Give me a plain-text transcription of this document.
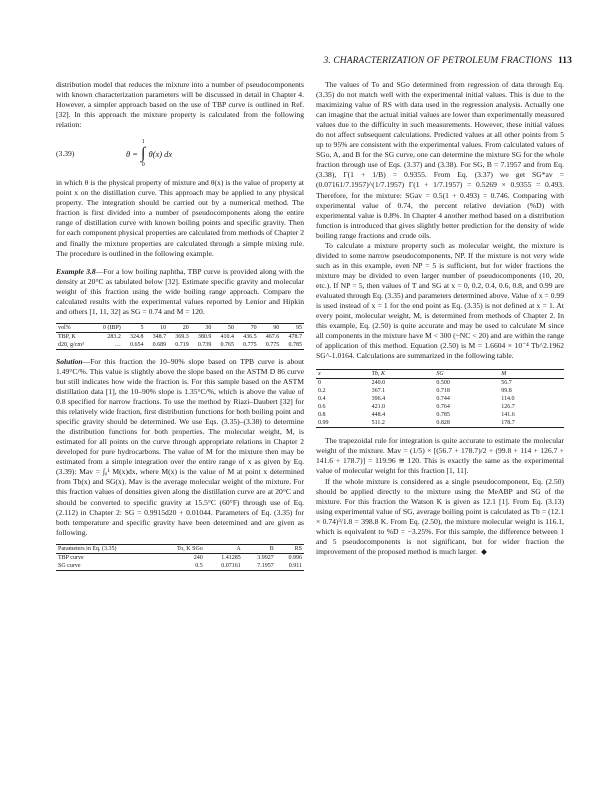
3. CHARACTERIZATION OF PETROLEUM FRACTIONS 113

distribution model that reduces the mixture into a number of pseudocomponents with known characterization parameters will be discussed in detail in Chapter 4. However, a simpler approach based on the use of TBP curve is outlined in Ref. [32]. In this approach the mixture property is calculated from the following relation:

(3.39)	θ =
1
∫
0
θ(x) dx

in which θ is the physical property of mixture and θ(x) is the value of property at point x on the distillation curve. This approach may be applied to any physical property. The integration should be carried out by a numerical method. The fraction is first divided into a number of pseudocomponents along the entire range of distillation curve with known boiling points and specific gravity. Then for each component physical properties are calculated from methods of Chapter 2 and finally the mixture properties are calculated through a simple mixing rule. The procedure is outlined in the following example.

Example 3.8—For a low boiling naphtha, TBP curve is provided along with the density at 20°C as tabulated below [32]. Estimate specific gravity and molecular weight of this fraction using the wide boiling range approach. Compare the calculated results with the experimental values reported by Lenior and Hipkin and others [1, 11, 32] as SG = 0.74 and M = 120.

vol%	0 (IBP)	5	10	20	30	50	70	90	95
TBP, K	283.2	324.8	348.7	369.3	380.9	410.4	436.5	467.6	478.7
d20, g/cm³	…	0.654	0.689	0.719	0.739	0.765	0.775	0.775	0.785

Solution—For this fraction the 10–90% slope based on TPB curve is about 1.49°C/%. This value is slightly above the slope based on the ASTM D 86 curve but still indicates how wide the fraction is. For this sample based on the ASTM distillation data [1], the 10–90% slope is 1.35°C/%, which is above the value of 0.8 specified for narrow fractions. To use the method by Riazi–Daubert [32] for this relatively wide fraction, first distribution functions for both boiling point and specific gravity should be determined. We use Eqs. (3.35)–(3.38) to determine the distribution functions for both properties. The molecular weight, M, is estimated for all points on the curve through appropriate relations in Chapter 2 developed for pure hydrocarbons. The value of M for the mixture then may be estimated from a simple integration over the entire range of x as given by Eq. (3.39): Mav = ∫₀¹ M(x)dx, where M(x) is the value of M at point x determined from Tb(x) and SG(x). Mav is the average molecular weight of the mixture. For this fraction values of densities given along the distillation curve are at 20°C and should be converted to specific gravity at 15.5°C (60°F) through use of Eq. (2.112) in Chapter 2: SG = 0.9915d20 + 0.01044. Parameters of Eq. (3.35) for both temperature and specific gravity have been determined and are given as following.

Parameters in Eq. (3.35)	To, K SGo	A	B	RS
TBP curve	240	1.41285	3.9927	0.996
SG curve	0.5	0.07161	7.1957	0.911

The values of To and SGo determined from regression of data through Eq. (3.35) do not match well with the experimental initial values. This is due to the maximizing value of RS with data used in the regression analysis. Actually one can imagine that the actual initial values are lower than experimentally measured values due to the difficulty in such measurements. However, these initial values do not affect subsequent calculations. Predicted values at all other points from 5 up to 95% are consistent with the experimental values. From calculated values of SGo, A, and B for the SG curve, one can determine the mixture SG for the whole fraction through use of Eqs. (3.37) and (3.38). For SG, B = 7.1957 and from Eq. (3.38), Γ(1 + 1/B) = 0.9355. From Eq. (3.37) we get SG*av = (0.07161/7.1957)^(1/7.1957) Γ(1 + 1/7.1957) = 0.5269 × 0.9355 = 0.493. Therefore, for the mixture: SGav = 0.5(1 + 0.493) = 0.746. Comparing with experimental value of 0.74, the percent relative deviation (%D) with experimental value is 0.8%. In Chapter 4 another method based on a distribution function is introduced that gives slightly better prediction for the density of wide boiling range fractions and crude oils.

To calculate a mixture property such as molecular weight, the mixture is divided to some narrow pseudocomponents, NP. If the mixture is not very wide such as in this example, even NP = 5 is sufficient, but for wider fractions the mixture may be divided to even larger number of pseudocomponents (10, 20, etc.). If NP = 5, then values of T and SG at x = 0, 0.2, 0.4, 0.6, 0.8, and 0.99 are evaluated through Eq. (3.35) and parameters determined above. Value of x = 0.99 is used instead of x = 1 for the end point as Eq. (3.35) is not defined at x = 1. At every point, molecular weight, M, is determined from methods of Chapter 2. In this example, Eq. (2.50) is quite accurate and may be used to calculate M since all components in the mixture have M < 300 (~NC < 20) and are within the range of application of this method. Equation (2.50) is M = 1.6604 × 10⁻⁴ Tb^2.1962 SG^-1.0164. Calculations are summarized in the following table.

x	Tb, K	SG	M
0	240.0	0.500	56.7
0.2	367.1	0.718	99.8
0.4	396.4	0.744	114.0
0.6	421.0	0.764	126.7
0.8	448.4	0.785	141.6
0.99	511.2	0.828	178.7

The trapezoidal rule for integration is quite accurate to estimate the molecular weight of the mixture. Mav = (1/5) × [(56.7 + 178.7)/2 + (99.8 + 114 + 126.7 + 141.6 + 178.7)] = 119.96 ≅ 120. This is exactly the same as the experimental value of molecular weight for this fraction [1, 11].

If the whole mixture is considered as a single pseudocomponent, Eq. (2.50) should be applied directly to the mixture using the MeABP and SG of the mixture. For this fraction the Watson K is given as 12.1 [1]. From Eq. (3.13) using experimental value of SG, average boiling point is calculated as Tb = (12.1 × 0.74)³/1.8 = 398.8 K. From Eq. (2.50), the mixture molecular weight is 116.1, which is equivalent to %D = −3.25%. For this sample, the difference between 1 and 5 pseudocomponents is not significant, but for wider fraction the improvement of the proposed method is much larger.
